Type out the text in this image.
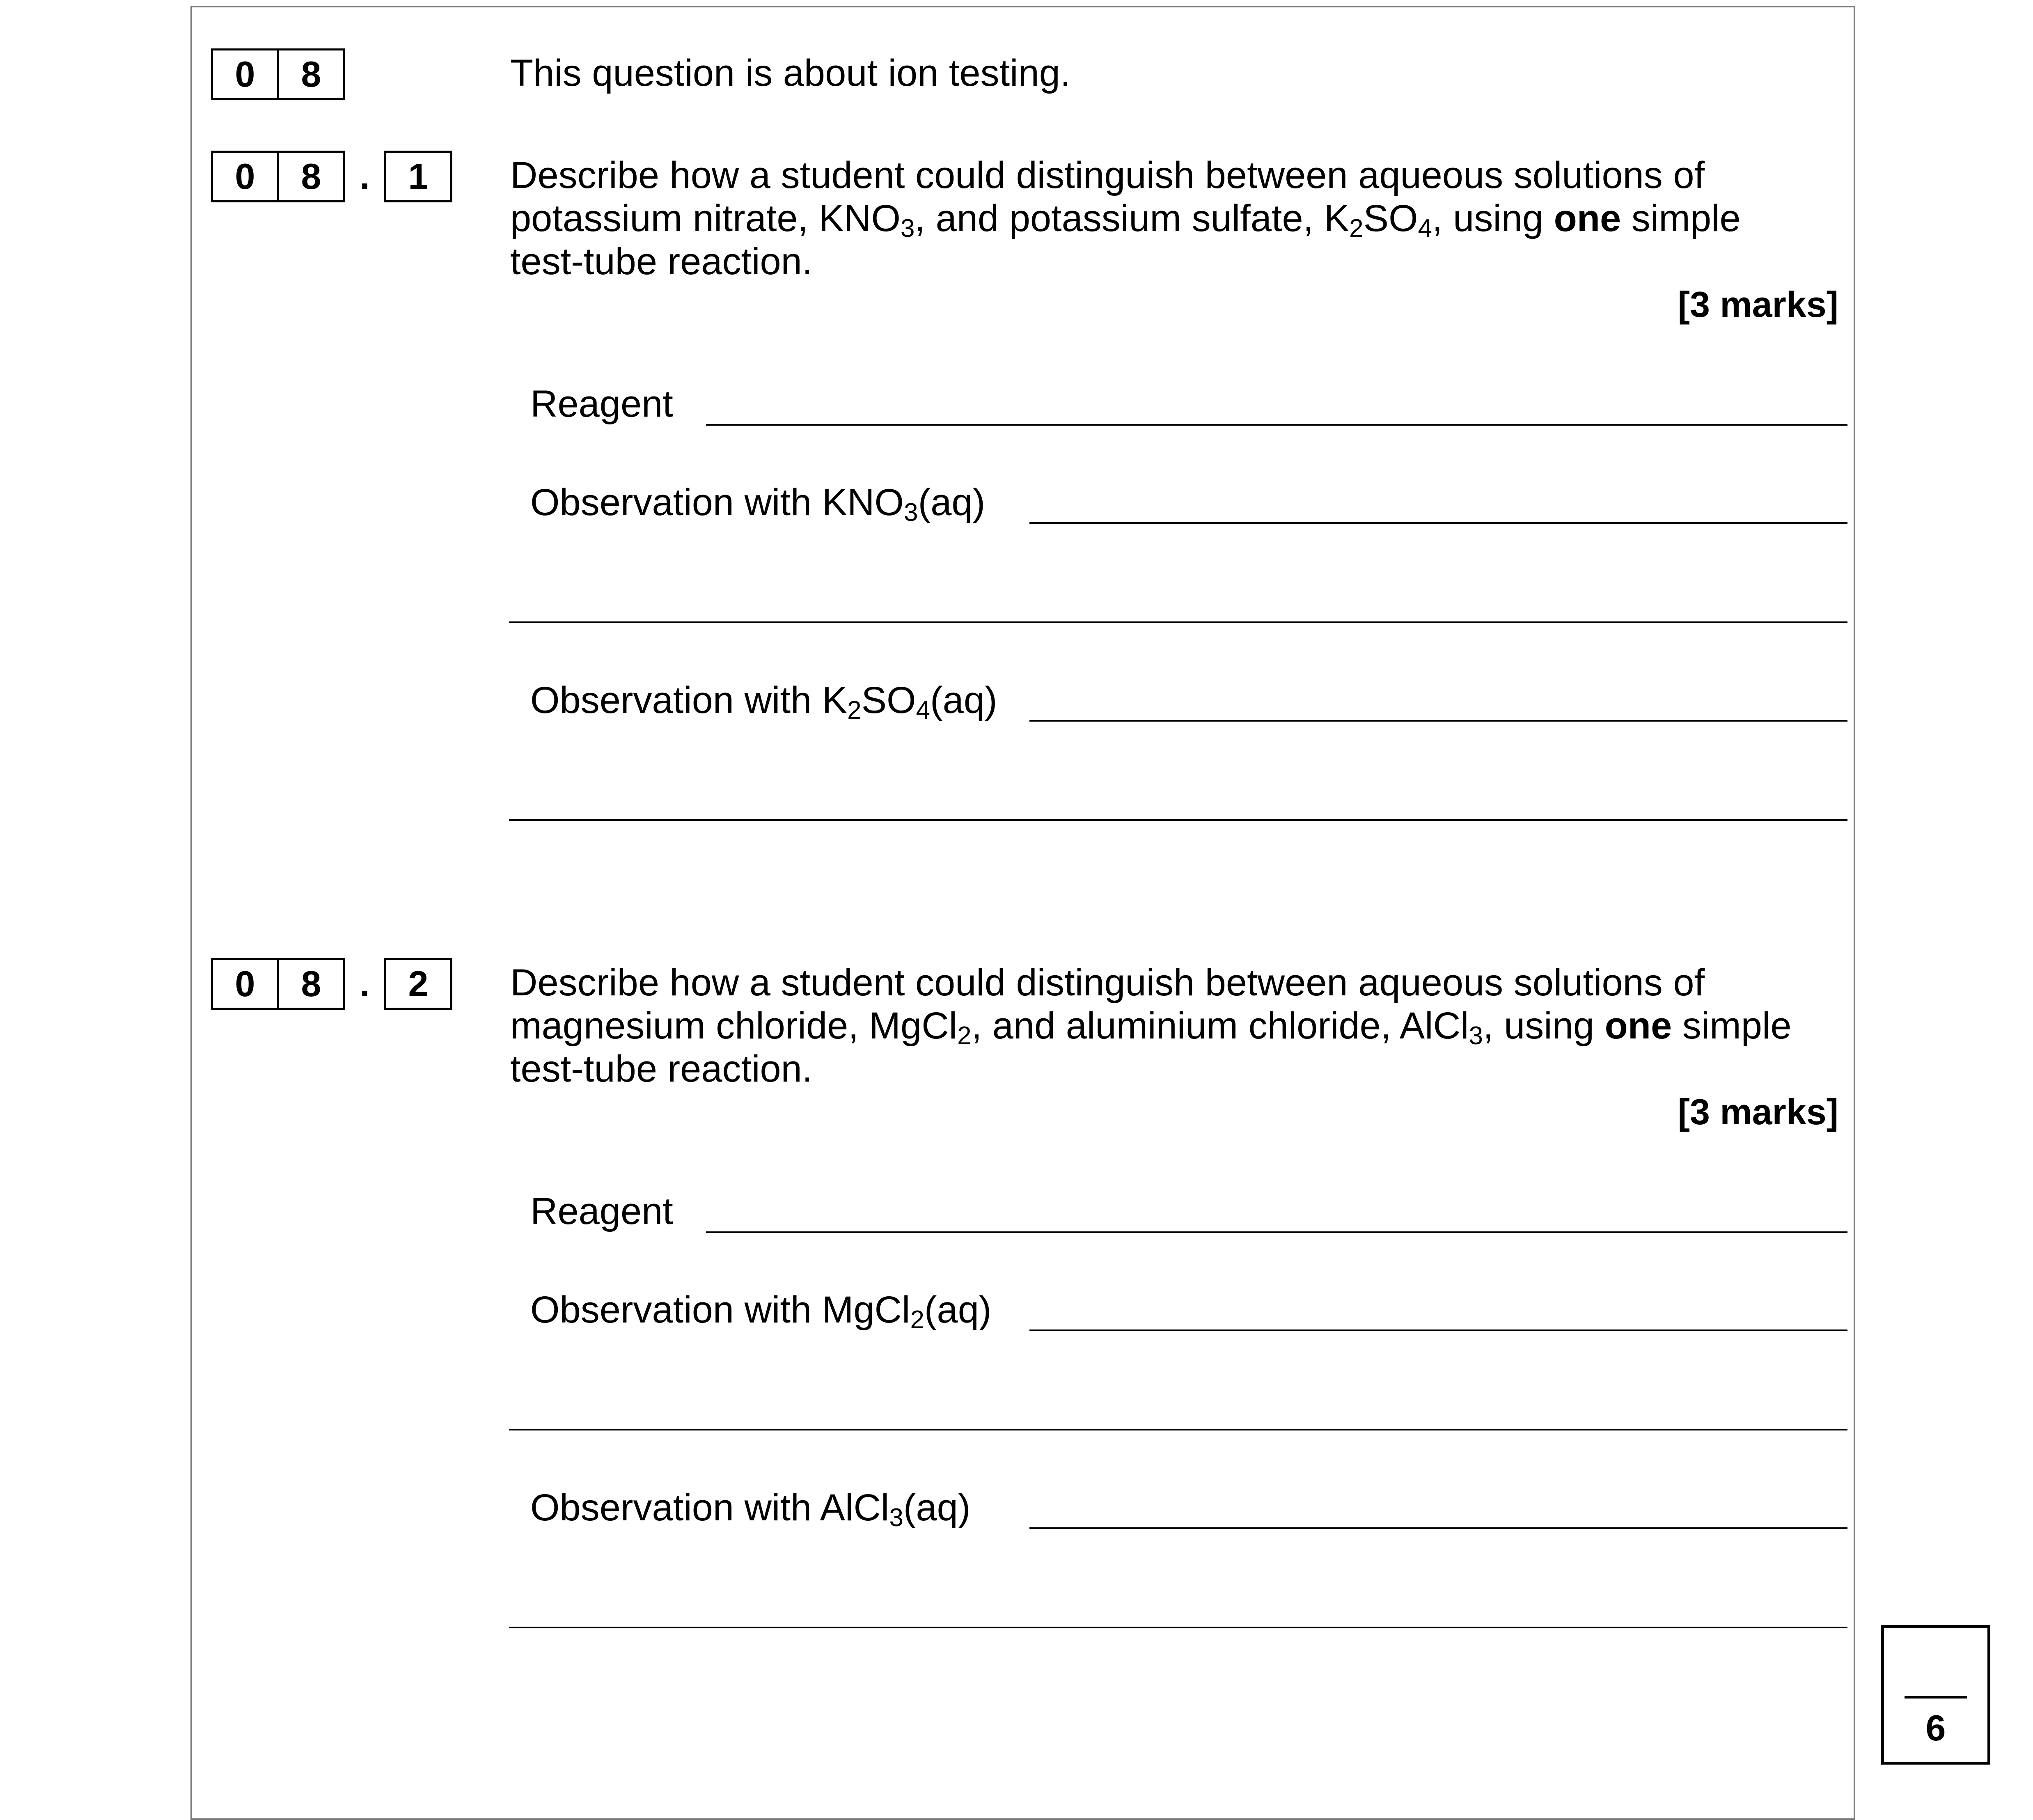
0	8	This question is about ion testing.
0	8	.	1	Describe how a student could distinguish between aqueous solutions of
potassium nitrate, $KNO_3$, and potassium sulfate, $K_2SO_4$, using one simple
test-tube reaction.
[3 marks]
Reagent
Observation with $KNO_3(aq)$
Observation with $K_2SO_4(aq)$
0	8	.	2	Describe how a student could distinguish between aqueous solutions of
magnesium chloride, MgCl$_2$, and aluminium chloride, AlCl$_3$, using one simple
test-tube reaction.
[3 marks]
Reagent
Observation with MgCl$_2$(aq)
Observation with AlCl$_3$(aq)
6
